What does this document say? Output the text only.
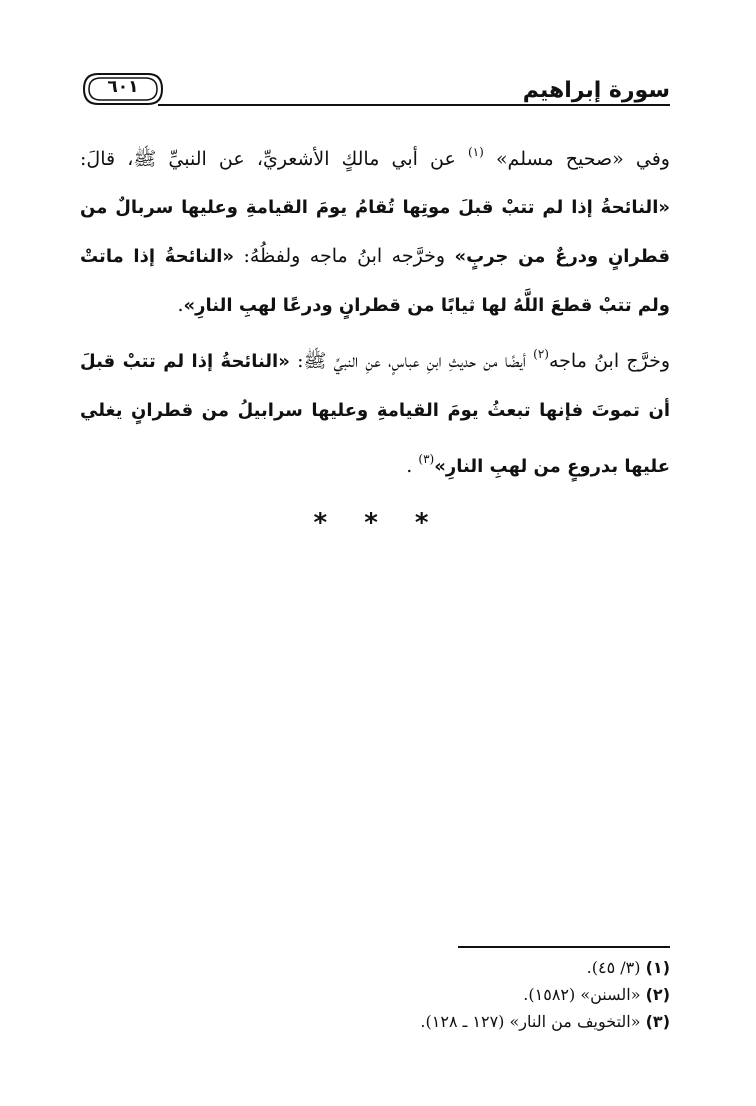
سورة إبراهيم
٦٠١

وفي «صحيح مسلم» $^{(١)}$ عن أبي مالكٍ الأشعريِّ، عن النبيِّ ﷺ، قالَ: «النائحةُ إذا لم تتبْ قبلَ موتِها تُقامُ يومَ القيامةِ وعليها سربالٌ من قطرانٍ ودرعٌ من جربٍ» وخرَّجه ابنُ ماجه ولفظُهُ: «النائحةُ إذا ماتتْ ولم تتبْ قطعَ اللَّهُ لها ثيابًا من قطرانٍ ودرعًا لهبِ النارِ».

وخرَّج ابنُ ماجه$^{(٢)}$ أيضًا من حديثِ ابنِ عباسٍ، عنِ النبيِّ ﷺ: «النائحةُ إذا لم تتبْ قبلَ أن تموتَ فإنها تبعثُ يومَ القيامةِ وعليها سرابيلُ من قطرانٍ يغلي عليها بدروعٍ من لهبِ النارِ»$^{(٣)}$ .

* * *
(١) (٣/ ٤٥).
(٢) «السنن» (١٥٨٢).
(٣) «التخويف من النار» (١٢٧ ـ ١٢٨).
